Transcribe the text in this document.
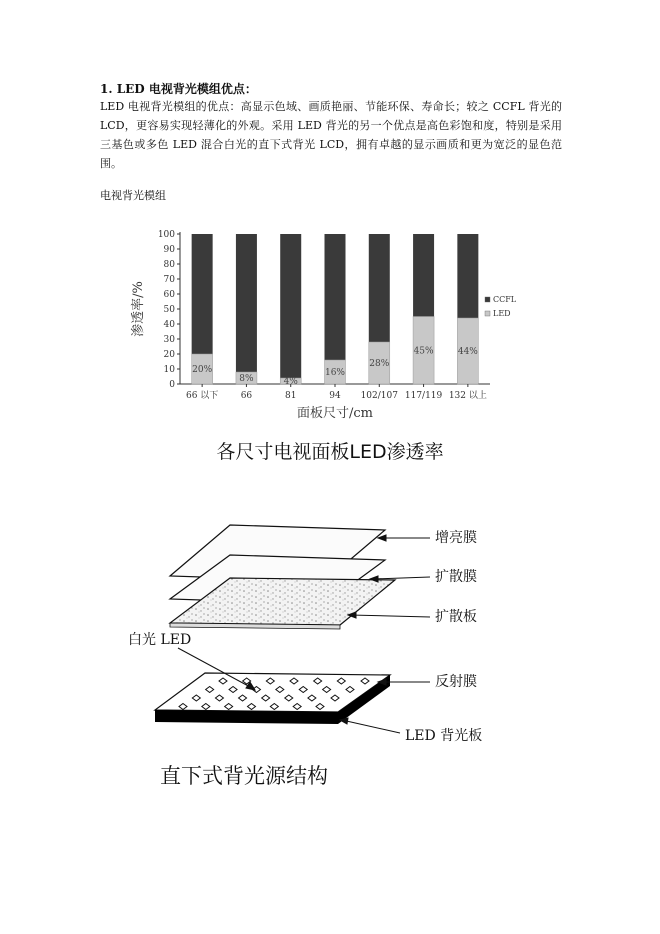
1. LED 电视背光模组优点：

LED 电视背光模组的优点：高显示色域、画质艳丽、节能环保、寿命长；较之 CCFL 背光的 LCD，更容易实现轻薄化的外观。采用 LED 背光的另一个优点是高色彩饱和度，特别是采用三基色或多色 LED 混合白光的直下式背光 LCD，拥有卓越的显示画质和更为宽泛的显色范围。

电视背光模组

0
10
20
30
40
50
60
70
80
90
100
20%
66 以下
8%
66
4%
81
16%
94
28%
102/107
45%
117/119
44%
132 以上
面板尺寸/cm
渗透率/%	CCFL
LED

各尺寸电视面板LED渗透率

增亮膜
扩散膜
扩散板
白光 LED
反射膜
LED 背光板

直下式背光源结构
